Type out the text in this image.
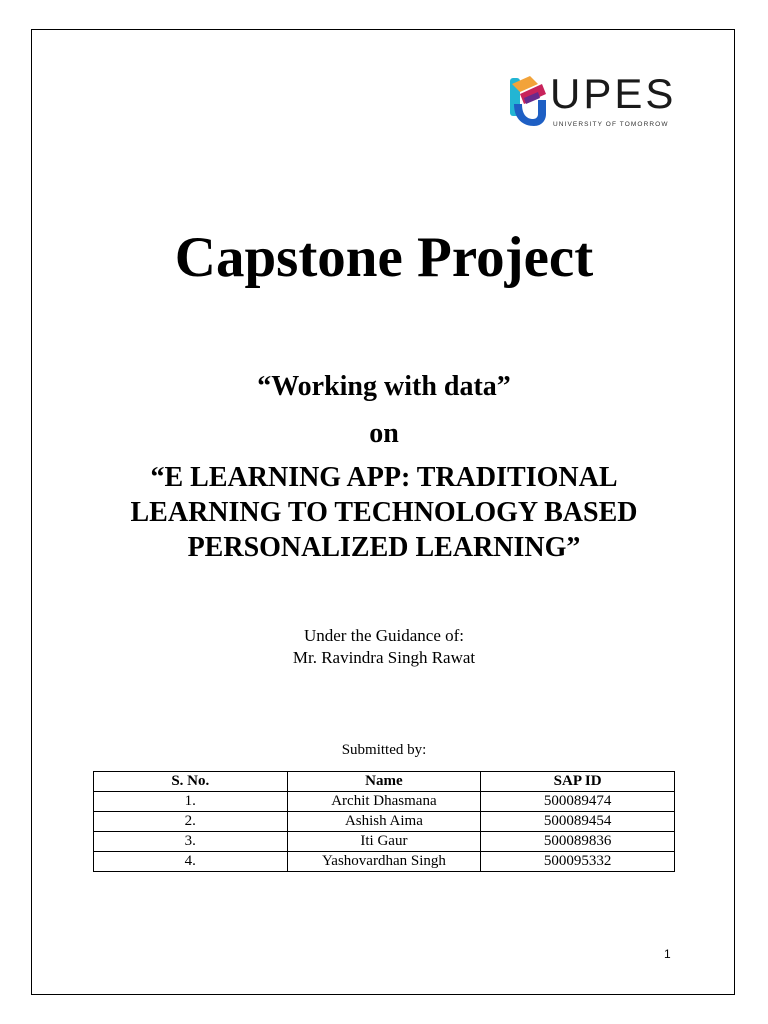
UPES
UNIVERSITY OF TOMORROW
Capstone Project
“Working with data”
on
“E LEARNING APP: TRADITIONAL
LEARNING TO TECHNOLOGY BASED
PERSONALIZED LEARNING”
Under the Guidance of:
Mr. Ravindra Singh Rawat
Submitted by:
S. No.	Name	SAP ID
1.	Archit Dhasmana	500089474
2.	Ashish Aima	500089454
3.	Iti Gaur	500089836
4.	Yashovardhan Singh	500095332
1
